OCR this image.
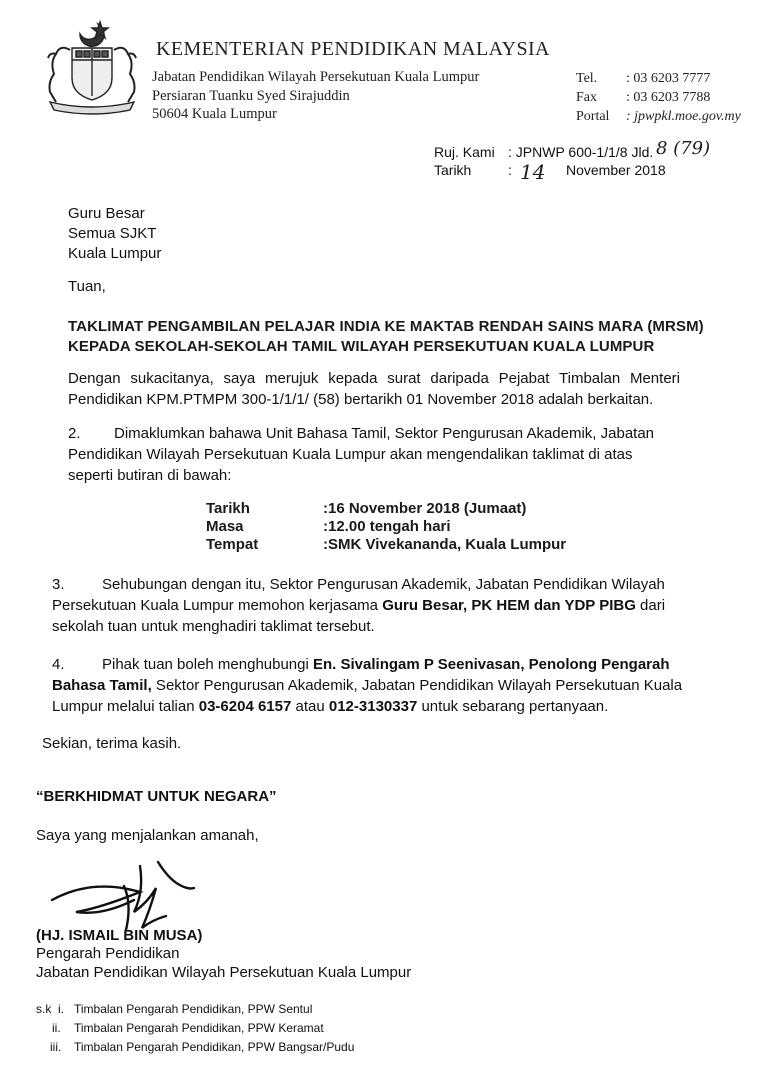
KEMENTERIAN PENDIDIKAN MALAYSIA
Jabatan Pendidikan Wilayah Persekutuan Kuala Lumpur
Persiaran Tuanku Syed Sirajuddin
50604 Kuala Lumpur
Tel. : 03 6203 7777
Fax : 03 6203 7788
Portal : jpwpkl.moe.gov.my
Ruj. Kami : JPNWP 600-1/1/8 Jld. 8 (79)
Tarikh	: 14 November 2018
Guru Besar
Semua SJKT
Kuala Lumpur
Tuan,
TAKLIMAT PENGAMBILAN PELAJAR INDIA KE MAKTAB RENDAH SAINS MARA (MRSM)
KEPADA SEKOLAH-SEKOLAH TAMIL WILAYAH PERSEKUTUAN KUALA LUMPUR
Dengan sukacitanya, saya merujuk kepada surat daripada Pejabat Timbalan Menteri Pendidikan KPM.PTMPM 300-1/1/1/ (58) bertarikh 01 November 2018 adalah berkaitan.
2. Dimaklumkan bahawa Unit Bahasa Tamil, Sektor Pengurusan Akademik, Jabatan Pendidikan Wilayah Persekutuan Kuala Lumpur akan mengendalikan taklimat di atas seperti butiran di bawah:
Tarikh	:16 November 2018 (Jumaat)
Masa	:12.00 tengah hari
Tempat	:SMK Vivekananda, Kuala Lumpur
3. Sehubungan dengan itu, Sektor Pengurusan Akademik, Jabatan Pendidikan Wilayah Persekutuan Kuala Lumpur memohon kerjasama Guru Besar, PK HEM dan YDP PIBG dari sekolah tuan untuk menghadiri taklimat tersebut.
4. Pihak tuan boleh menghubungi En. Sivalingam P Seenivasan, Penolong Pengarah Bahasa Tamil, Sektor Pengurusan Akademik, Jabatan Pendidikan Wilayah Persekutuan Kuala Lumpur melalui talian 03-6204 6157 atau 012-3130337 untuk sebarang pertanyaan.
Sekian, terima kasih.
“BERKHIDMAT UNTUK NEGARA”
Saya yang menjalankan amanah,
(HJ. ISMAIL BIN MUSA)
Pengarah Pendidikan
Jabatan Pendidikan Wilayah Persekutuan Kuala Lumpur
s.k i. Timbalan Pengarah Pendidikan, PPW Sentul
ii. Timbalan Pengarah Pendidikan, PPW Keramat
iii. Timbalan Pengarah Pendidikan, PPW Bangsar/Pudu
